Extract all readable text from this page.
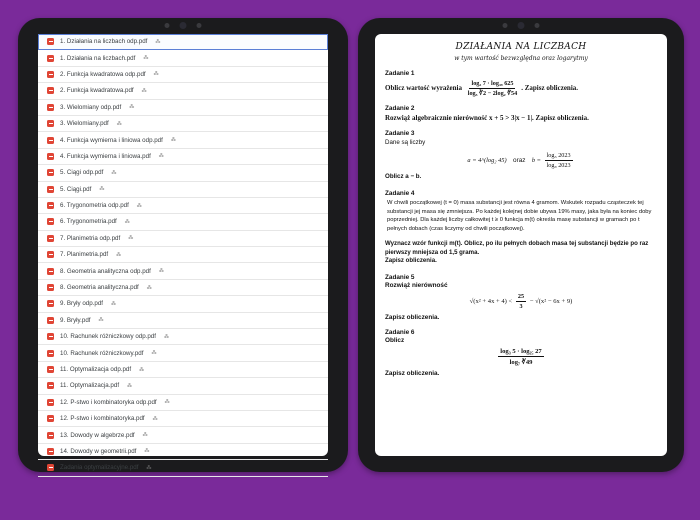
1. Działania na liczbach odp.pdf ⁂
1. Działania na liczbach.pdf ⁂
2. Funkcja kwadratowa odp.pdf ⁂
2. Funkcja kwadratowa.pdf ⁂
3. Wielomiany odp.pdf ⁂
3. Wielomiany.pdf ⁂
4. Funkcja wymierna i liniowa odp.pdf ⁂
4. Funkcja wymierna i liniowa.pdf ⁂
5. Ciągi odp.pdf ⁂
5. Ciągi.pdf ⁂
6. Trygonometria odp.pdf ⁂
6. Trygonometria.pdf ⁂
7. Planimetria odp.pdf ⁂
7. Planimetria.pdf ⁂
8. Geometria analityczna odp.pdf ⁂
8. Geometria analityczna.pdf ⁂
9. Bryły odp.pdf ⁂
9. Bryły.pdf ⁂
10. Rachunek różniczkowy odp.pdf ⁂
10. Rachunek różniczkowy.pdf ⁂
11. Optymalizacja odp.pdf ⁂
11. Optymalizacja.pdf ⁂
12. P-stwo i kombinatoryka odp.pdf ⁂
12. P-stwo i kombinatoryka.pdf ⁂
13. Dowody w algebrze.pdf ⁂
14. Dowody w geometrii.pdf ⁂
Zadania optymalizacyjne.pdf ⁂
DZIAŁANIA NA LICZBACH
w tym wartość bezwzględna oraz logarytmy
Zadanie 1
Oblicz wartość wyrażenia $\frac{\text{log₂ 7 · log₄₉ 625}}{\text{log₅ ∛2 − 2log₂ ∜54}}$ . Zapisz obliczenia.
Zadanie 2
Rozwiąż algebraicznie nierówność x + 5 > 3|x − 1|. Zapisz obliczenia.
Zadanie 3
Dane są liczby
a = 4^(log₂ 45) oraz $b = \frac{\text{log₃ 2023}}{\text{log₉ 2023}}$
Oblicz a − b.
Zadanie 4
W chwili początkowej (t = 0) masa substancji jest równa 4 gramom. Wskutek rozpadu cząsteczek tej substancji jej masa się zmniejsza. Po każdej kolejnej dobie ubywa 19% masy, jaka była na koniec doby poprzedniej. Dla każdej liczby całkowitej t ≥ 0 funkcja m(t) określa masę substancji w gramach po t pełnych dobach (czas liczymy od chwili początkowej).
Wyznacz wzór funkcji m(t). Oblicz, po ilu pełnych dobach masa tej substancji będzie po raz pierwszy mniejsza od 1,5 grama.
Zapisz obliczenia.
Zadanie 5
Rozwiąż nierówność
$√(x^2 + 4x + 4) < \frac{25}{3} - √(x^2 - 6x + 9)$
Zapisz obliczenia.
Zadanie 6
Oblicz
$\frac{\text{log₃ 5 · log₂₅ 27}}{\text{log₇ ∛49}}$
Zapisz obliczenia.
